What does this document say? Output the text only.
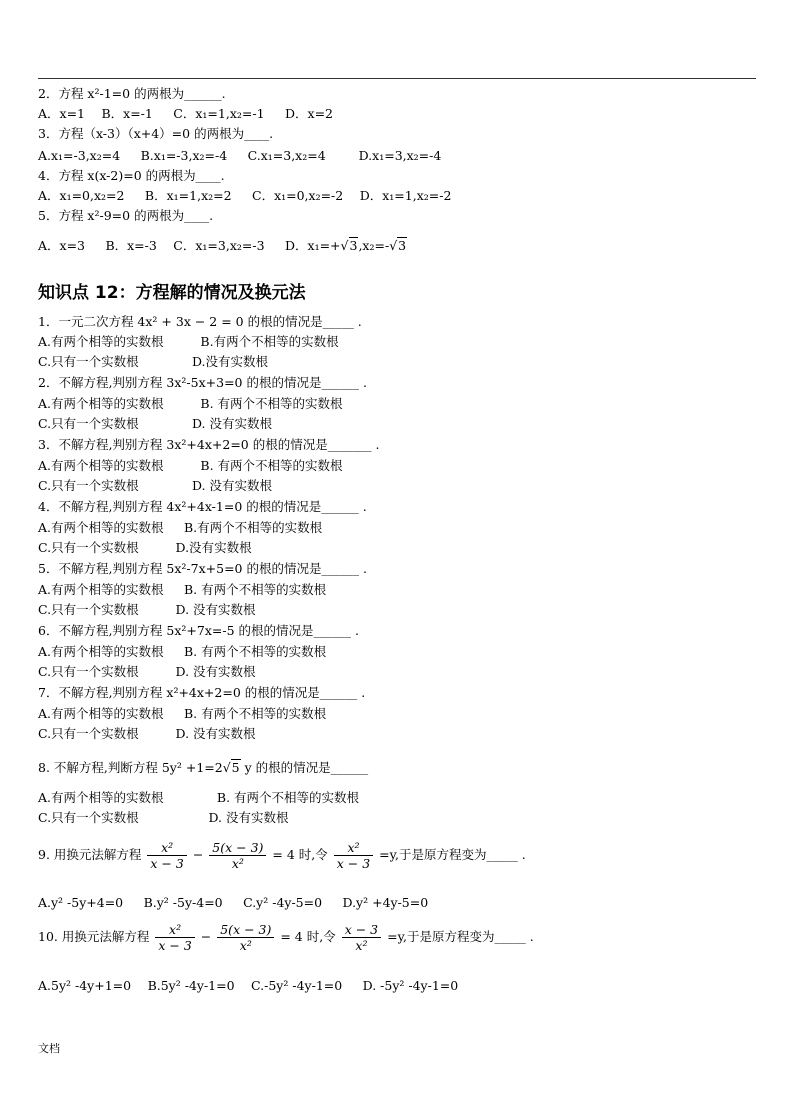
2．方程 x²-1=0 的两根为______.
A．x=1　 B．x=-1 　 C．x₁=1,x₂=-1 　 D．x=2
3．方程（x-3）（x+4）=0 的两根为____.
A.x₁=-3,x₂=4 　 B.x₁=-3,x₂=-4 　 C.x₁=3,x₂=4 　　 D.x₁=3,x₂=-4
4．方程 x(x-2)=0 的两根为____.
A．x₁=0,x₂=2 　 B．x₁=1,x₂=2 　 C．x₁=0,x₂=-2 　D．x₁=1,x₂=-2
5．方程 x²-9=0 的两根为____.
1．一元二次方程 4x² + 3x − 2 = 0 的根的情况是_____ .
A.有两个相等的实数根 　 　 B.有两个不相等的实数根
C.只有一个实数根 　 　 　 D.没有实数根
2．不解方程,判别方程 3x²-5x+3=0 的根的情况是______ .
A.有两个相等的实数根 　 　 B. 有两个不相等的实数根
C.只有一个实数根 　 　 　 D. 没有实数根
3．不解方程,判别方程 3x²+4x+2=0 的根的情况是_______ .
A.有两个相等的实数根 　 　 B. 有两个不相等的实数根
C.只有一个实数根 　 　 　 D. 没有实数根
4．不解方程,判别方程 4x²+4x-1=0 的根的情况是______ .
A.有两个相等的实数根 　 B.有两个不相等的实数根
C.只有一个实数根 　 　 D.没有实数根
5．不解方程,判别方程 5x²-7x+5=0 的根的情况是______ .
A.有两个相等的实数根 　 B. 有两个不相等的实数根
C.只有一个实数根 　 　 D. 没有实数根
6．不解方程,判别方程 5x²+7x=-5 的根的情况是______ .
A.有两个相等的实数根 　 B. 有两个不相等的实数根
C.只有一个实数根 　 　 D. 没有实数根
7．不解方程,判别方程 x²+4x+2=0 的根的情况是______ .
A.有两个相等的实数根 　 B. 有两个不相等的实数根
C.只有一个实数根 　 　 D. 没有实数根
A.有两个相等的实数根 　 　 　 B. 有两个不相等的实数根
C.只有一个实数根 　 　 　 　 D. 没有实数根
A.y² -5y+4=0 　 B.y² -5y-4=0 　 C.y² -4y-5=0 　 D.y² +4y-5=0
A.5y² -4y+1=0 　B.5y² -4y-1=0 　C.-5y² -4y-1=0 　 D. -5y² -4y-1=0
A．x=3 　 B．x=-3 　C．x₁=3,x₂=-3 　 D．x₁=+√3,x₂=-√3
知识点 12：方程解的情况及换元法
8. 不解方程,判断方程 5y² +1=2√5 y 的根的情况是______
9. 用换元法解方程 $\frac{\text{x²}}{x - 3} - \frac{5(x - 3)}{\text{x²}} = 4$ 时,令 $\frac{\text{x²}}{x - 3} =y$,于是原方程变为_____ .
10. 用换元法解方程 $\frac{\text{x²}}{x - 3} - \frac{5(x - 3)}{\text{x²}} = 4$ 时,令 $\frac{x - 3}{\text{x²}} =y$,于是原方程变为_____ .
文档
